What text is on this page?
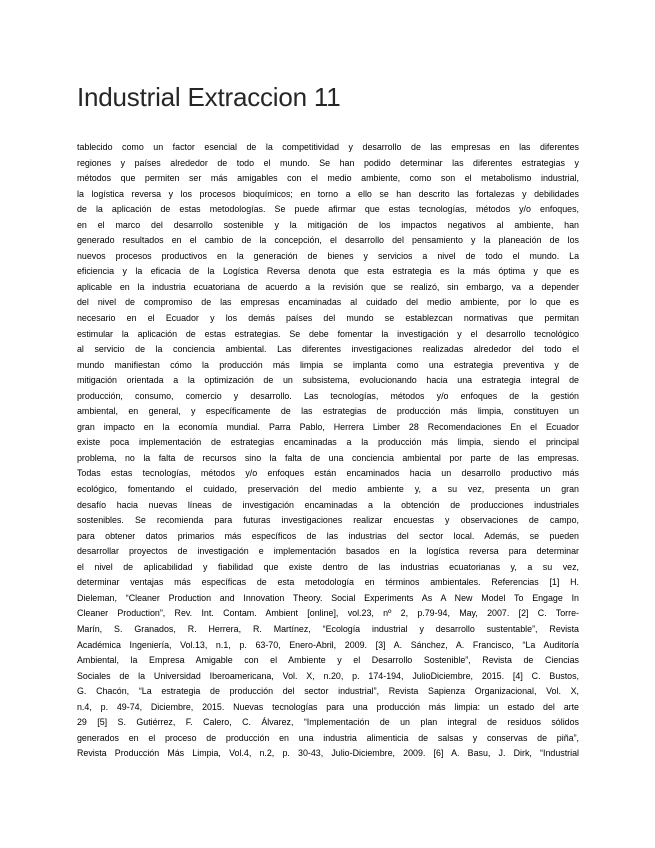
Industrial Extraccion 11
tablecido como un factor esencial de la competitividad y desarrollo de las empresas en las diferentes
regiones y países alrededor de todo el mundo. Se han podido determinar las diferentes estrategias y
métodos que permiten ser más amigables con el medio ambiente, como son el metabolismo industrial,
la logística reversa y los procesos bioquímicos; en torno a ello se han descrito las fortalezas y debilidades
de la aplicación de estas metodologías. Se puede afirmar que estas tecnologías, métodos y/o enfoques,
en el marco del desarrollo sostenible y la mitigación de los impactos negativos al ambiente, han
generado resultados en el cambio de la concepción, el desarrollo del pensamiento y la planeación de los
nuevos procesos productivos en la generación de bienes y servicios a nivel de todo el mundo. La
eficiencia y la eficacia de la Logística Reversa denota que esta estrategia es la más óptima y que es
aplicable en la industria ecuatoriana de acuerdo a la revisión que se realizó, sin embargo, va a depender
del nivel de compromiso de las empresas encaminadas al cuidado del medio ambiente, por lo que es
necesario en el Ecuador y los demás países del mundo se establezcan normativas que permitan
estimular la aplicación de estas estrategias. Se debe fomentar la investigación y el desarrollo tecnológico
al servicio de la conciencia ambiental. Las diferentes investigaciones realizadas alrededor del todo el
mundo manifiestan cómo la producción más limpia se implanta como una estrategia preventiva y de
mitigación orientada a la optimización de un subsistema, evolucionando hacia una estrategia integral de
producción, consumo, comercio y desarrollo. Las tecnologías, métodos y/o enfoques de la gestión
ambiental, en general, y específicamente de las estrategias de producción más limpia, constituyen un
gran impacto en la economía mundial. Parra Pablo, Herrera Limber 28 Recomendaciones En el Ecuador
existe poca implementación de estrategias encaminadas a la producción más limpia, siendo el principal
problema, no la falta de recursos sino la falta de una conciencia ambiental por parte de las empresas.
Todas estas tecnologías, métodos y/o enfoques están encaminados hacia un desarrollo productivo más
ecológico, fomentando el cuidado, preservación del medio ambiente y, a su vez, presenta un gran
desafío hacia nuevas líneas de investigación encaminadas a la obtención de producciones industriales
sostenibles. Se recomienda para futuras investigaciones realizar encuestas y observaciones de campo,
para obtener datos primarios más específicos de las industrias del sector local. Además, se pueden
desarrollar proyectos de investigación e implementación basados en la logística reversa para determinar
el nivel de aplicabilidad y fiabilidad que existe dentro de las industrias ecuatorianas y, a su vez,
determinar ventajas más específicas de esta metodología en términos ambientales. Referencias [1] H.
Dieleman, “Cleaner Production and Innovation Theory. Social Experiments As A New Model To Engage In
Cleaner Production”, Rev. Int. Contam. Ambient [online], vol.23, nº 2, p.79-94, May, 2007. [2] C. Torre-
Marín, S. Granados, R. Herrera, R. Martínez, “Ecología industrial y desarrollo sustentable”, Revista
Académica Ingeniería, Vol.13, n.1, p. 63-70, Enero-Abril, 2009. [3] A. Sánchez, A. Francisco, “La Auditoría
Ambiental, la Empresa Amigable con el Ambiente y el Desarrollo Sostenible”, Revista de Ciencias
Sociales de la Universidad Iberoamericana, Vol. X, n.20, p. 174-194, JulioDiciembre, 2015. [4] C. Bustos,
G. Chacón, “La estrategia de producción del sector industrial”, Revista Sapienza Organizacional, Vol. X,
n.4, p. 49-74, Diciembre, 2015. Nuevas tecnologías para una producción más limpia: un estado del arte
29 [5] S. Gutiérrez, F. Calero, C. Álvarez, “Implementación de un plan integral de residuos sólidos
generados en el proceso de producción en una industria alimenticia de salsas y conservas de piña”,
Revista Producción Más Limpia, Vol.4, n.2, p. 30-43, Julio-Diciembre, 2009. [6] A. Basu, J. Dirk, “Industrial
